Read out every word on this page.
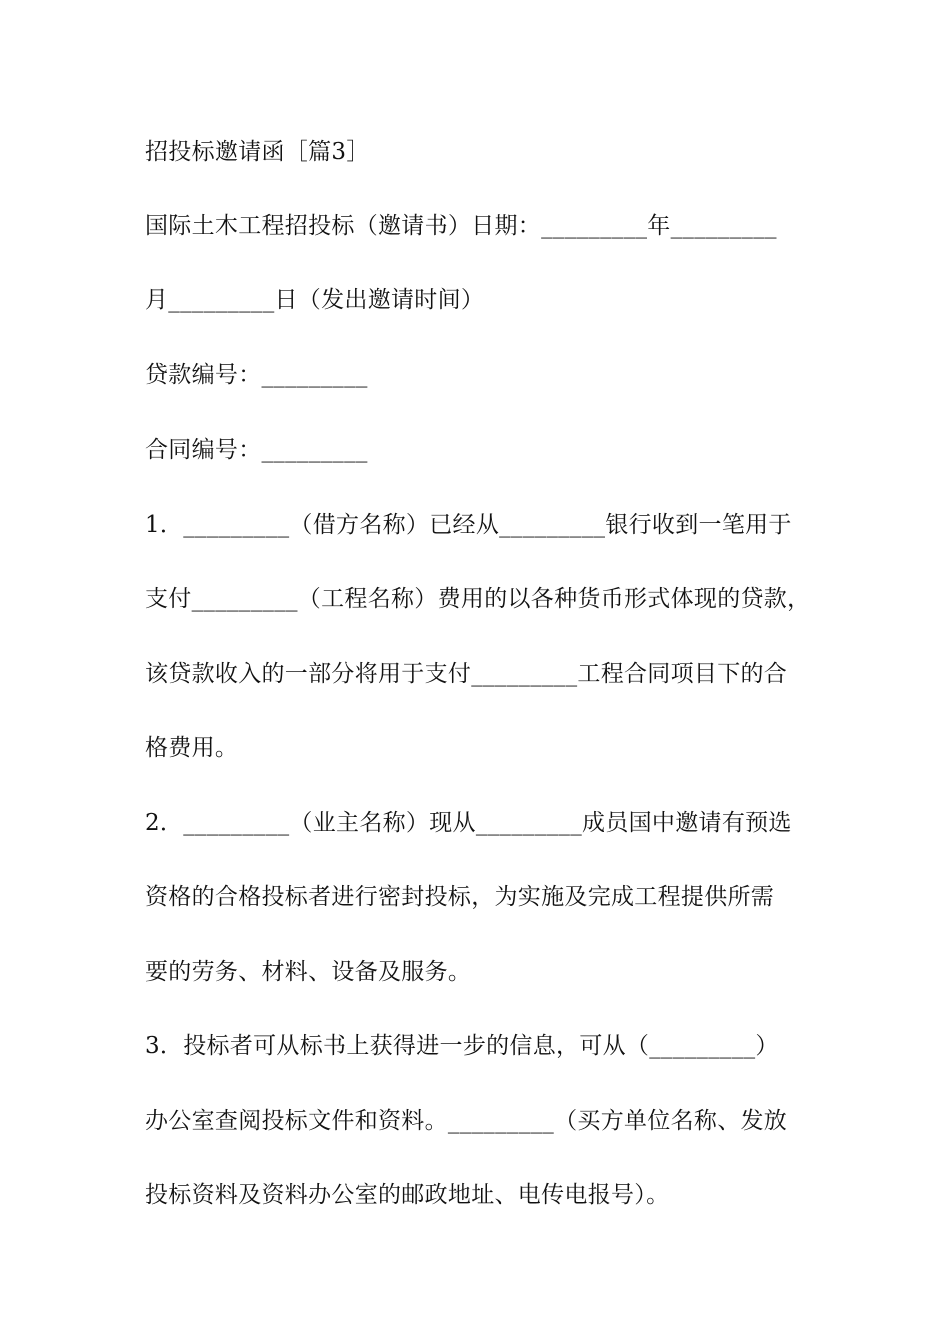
招投标邀请函［篇3］
国际土木工程招投标（邀请书）日期：_________年_________
月_________日（发出邀请时间）
贷款编号：_________
合同编号：_________
1．_________（借方名称）已经从_________银行收到一笔用于
支付_________（工程名称）费用的以各种货币形式体现的贷款，
该贷款收入的一部分将用于支付_________工程合同项目下的合
格费用。
2．_________（业主名称）现从_________成员国中邀请有预选
资格的合格投标者进行密封投标，为实施及完成工程提供所需
要的劳务、材料、设备及服务。
3．投标者可从标书上获得进一步的信息，可从（_________）
办公室查阅投标文件和资料。_________（买方单位名称、发放
投标资料及资料办公室的邮政地址、电传电报号）。
